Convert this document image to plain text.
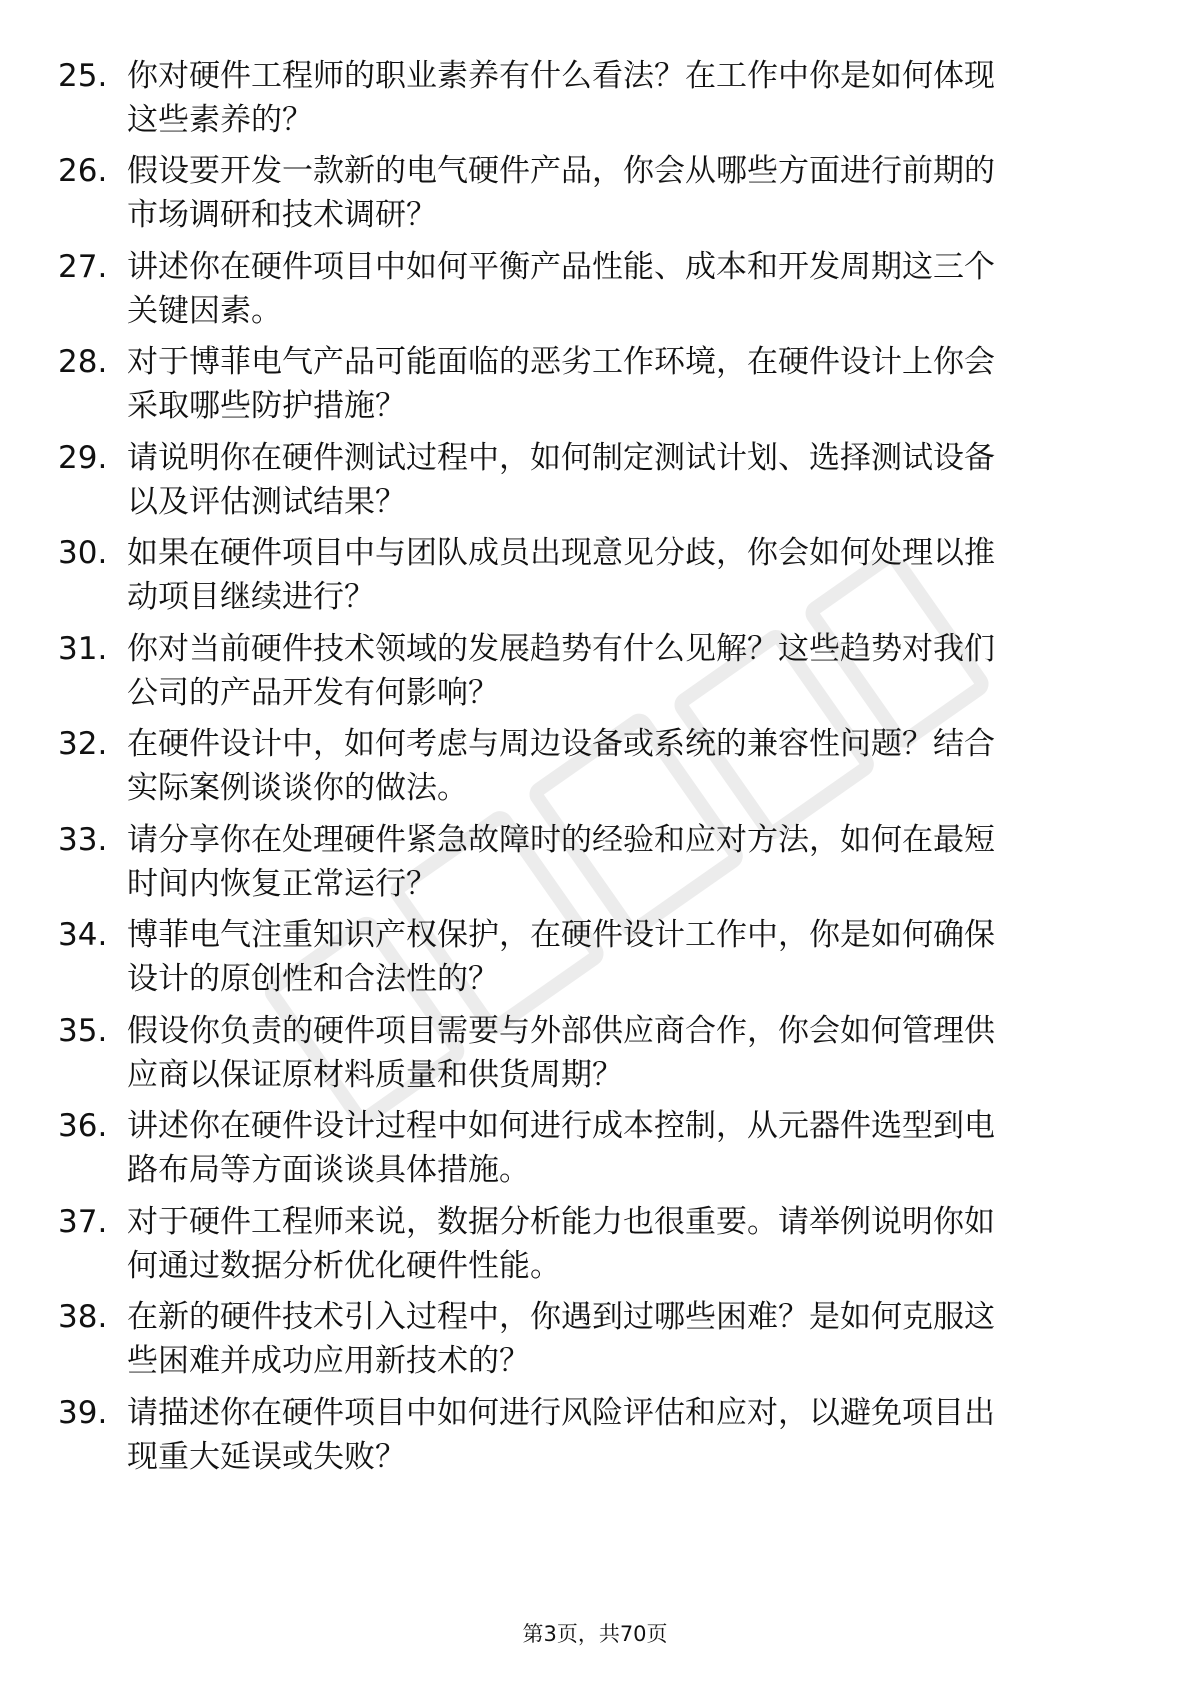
25. 你对硬件工程师的职业素养有什么看法？在工作中你是如何体现
这些素养的？
26. 假设要开发一款新的电气硬件产品，你会从哪些方面进行前期的
市场调研和技术调研？
27. 讲述你在硬件项目中如何平衡产品性能、成本和开发周期这三个
关键因素。
28. 对于博菲电气产品可能面临的恶劣工作环境，在硬件设计上你会
采取哪些防护措施？
29. 请说明你在硬件测试过程中，如何制定测试计划、选择测试设备
以及评估测试结果？
30. 如果在硬件项目中与团队成员出现意见分歧，你会如何处理以推
动项目继续进行？
31. 你对当前硬件技术领域的发展趋势有什么见解？这些趋势对我们
公司的产品开发有何影响？
32. 在硬件设计中，如何考虑与周边设备或系统的兼容性问题？结合
实际案例谈谈你的做法。
33. 请分享你在处理硬件紧急故障时的经验和应对方法，如何在最短
时间内恢复正常运行？
34. 博菲电气注重知识产权保护，在硬件设计工作中，你是如何确保
设计的原创性和合法性的？
35. 假设你负责的硬件项目需要与外部供应商合作，你会如何管理供
应商以保证原材料质量和供货周期？
36. 讲述你在硬件设计过程中如何进行成本控制，从元器件选型到电
路布局等方面谈谈具体措施。
37. 对于硬件工程师来说，数据分析能力也很重要。请举例说明你如
何通过数据分析优化硬件性能。
38. 在新的硬件技术引入过程中，你遇到过哪些困难？是如何克服这
些困难并成功应用新技术的？
39. 请描述你在硬件项目中如何进行风险评估和应对，以避免项目出
现重大延误或失败？
第3页，共70页
